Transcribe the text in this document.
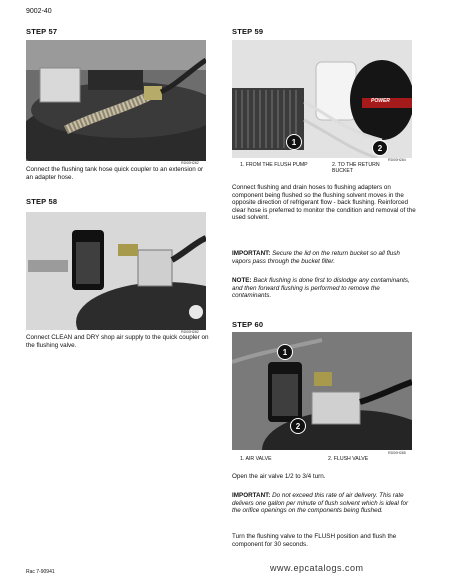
9002-40
STEP 57
RD00H282
Connect the flushing tank hose quick coupler to an extension or an adapter hose.
STEP 58
RD00H282
Connect CLEAN and DRY shop air supply to the quick coupler on the flushing valve.
STEP 59
POWER
1
2
RD00H284
1. FROM THE FLUSH PUMP	2. TO THE RETURN BUCKET
Connect flushing and drain hoses to flushing adapters on component being flushed so the flushing solvent moves in the opposite direction of refrigerant flow - back flushing. Reinforced clear hose is preferred to monitor the condition and removal of the used solvent.
IMPORTANT: Secure the lid on the return bucket so all flush vapors pass through the bucket filter.
NOTE: Back flushing is done first to dislodge any contaminants, and then forward flushing is performed to remove the contaminants.
STEP 60
1
2
RD00H285
1. AIR VALVE	2. FLUSH VALVE
Open the air valve 1/2 to 3/4 turn.
IMPORTANT: Do not exceed this rate of air delivery. This rate delivers one gallon per minute of flush solvent which is ideal for the orifice openings on the components being flushed.
Turn the flushing valve to the FLUSH position and flush the component for 30 seconds.
Rac 7-90941	www.epcatalogs.com
